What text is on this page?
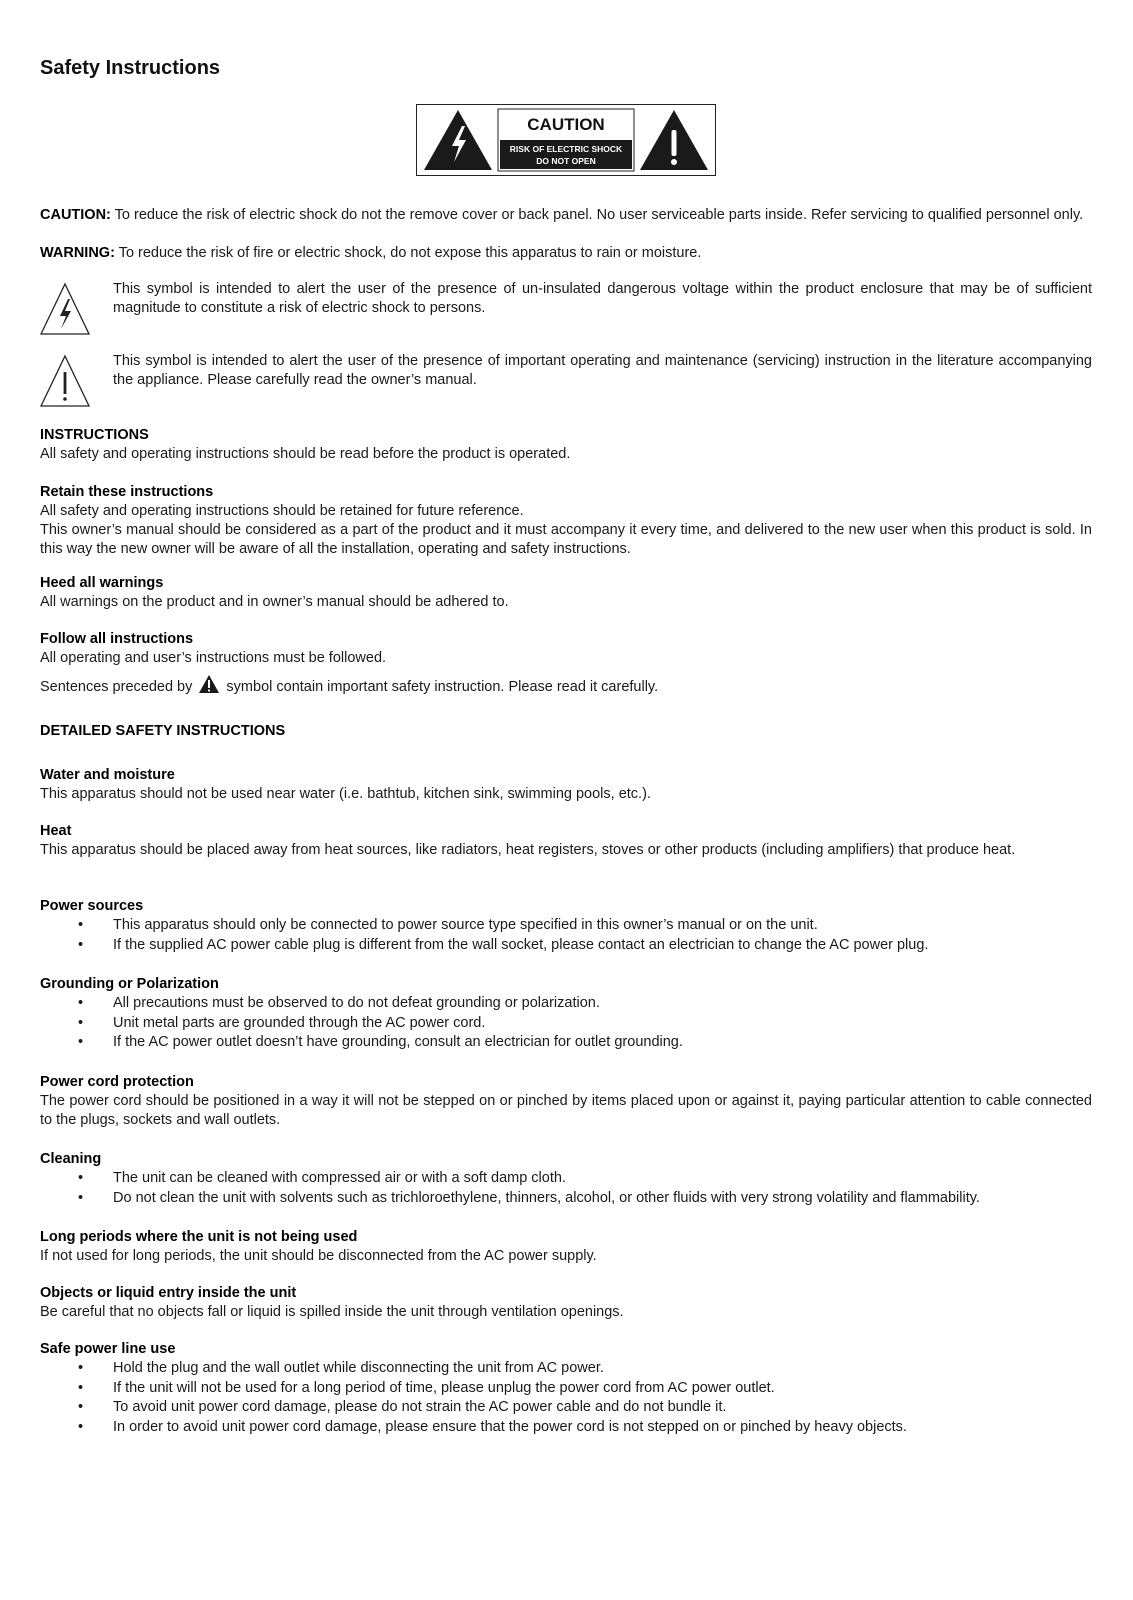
Safety Instructions
CAUTION
RISK OF ELECTRIC SHOCK
DO NOT OPEN

CAUTION: To reduce the risk of electric shock do not the remove cover or back panel. No user serviceable parts inside. Refer servicing to qualified personnel only.

WARNING: To reduce the risk of fire or electric shock, do not expose this apparatus to rain or moisture.

This symbol is intended to alert the user of the presence of un-insulated dangerous voltage within the product enclosure that may be of sufficient magnitude to constitute a risk of electric shock to persons.

This symbol is intended to alert the user of the presence of important operating and maintenance (servicing) instruction in the literature accompanying the appliance. Please carefully read the owner’s manual.

INSTRUCTIONS

All safety and operating instructions should be read before the product is operated.

Retain these instructions

All safety and operating instructions should be retained for future reference.

This owner’s manual should be considered as a part of the product and it must accompany it every time, and delivered to the new user when this product is sold. In this way the new owner will be aware of all the installation, operating and safety instructions.

Heed all warnings

All warnings on the product and in owner’s manual should be adhered to.

Follow all instructions

All operating and user’s instructions must be followed.

Sentences preceded by symbol contain important safety instruction. Please read it carefully.

DETAILED SAFETY INSTRUCTIONS

Water and moisture

This apparatus should not be used near water (i.e. bathtub, kitchen sink, swimming pools, etc.).

Heat

This apparatus should be placed away from heat sources, like radiators, heat registers, stoves or other products (including amplifiers) that produce heat.

Power sources

• This apparatus should only be connected to power source type specified in this owner’s manual or on the unit.
• If the supplied AC power cable plug is different from the wall socket, please contact an electrician to change the AC power plug.

Grounding or Polarization

• All precautions must be observed to do not defeat grounding or polarization.
• Unit metal parts are grounded through the AC power cord.
• If the AC power outlet doesn’t have grounding, consult an electrician for outlet grounding.

Power cord protection

The power cord should be positioned in a way it will not be stepped on or pinched by items placed upon or against it, paying particular attention to cable connected to the plugs, sockets and wall outlets.

Cleaning

• The unit can be cleaned with compressed air or with a soft damp cloth.
• Do not clean the unit with solvents such as trichloroethylene, thinners, alcohol, or other fluids with very strong volatility and flammability.

Long periods where the unit is not being used

If not used for long periods, the unit should be disconnected from the AC power supply.

Objects or liquid entry inside the unit

Be careful that no objects fall or liquid is spilled inside the unit through ventilation openings.

Safe power line use

• Hold the plug and the wall outlet while disconnecting the unit from AC power.
• If the unit will not be used for a long period of time, please unplug the power cord from AC power outlet.
• To avoid unit power cord damage, please do not strain the AC power cable and do not bundle it.
• In order to avoid unit power cord damage, please ensure that the power cord is not stepped on or pinched by heavy objects.
